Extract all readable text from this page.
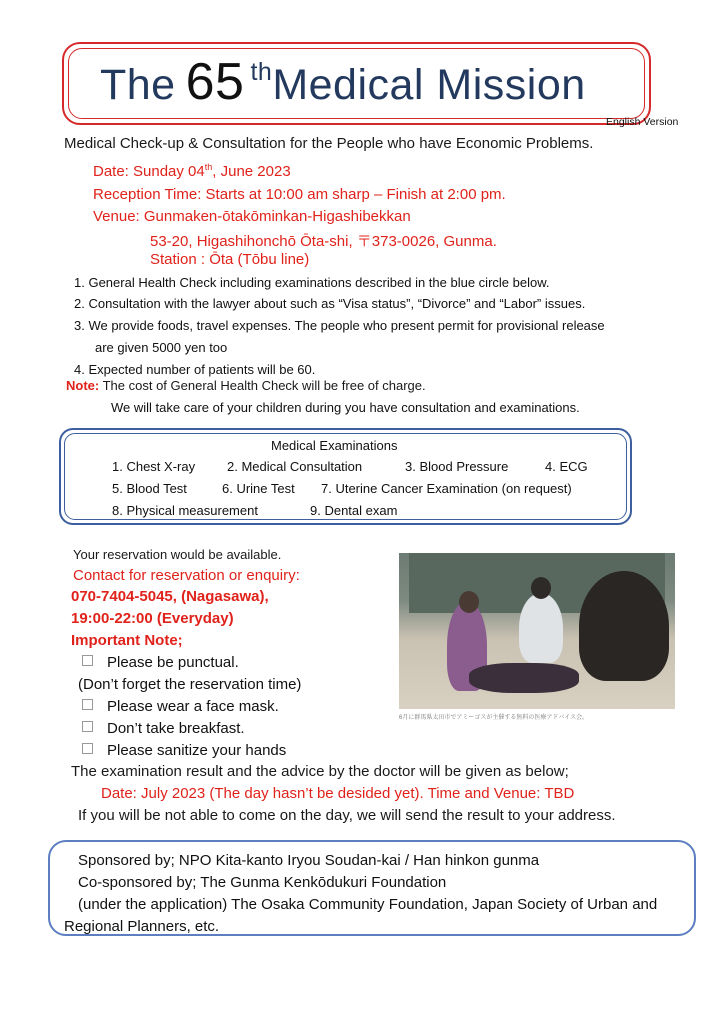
The 65 $^{th}$Medical Mission
English Version
Medical Check-up & Consultation for the People who have Economic Problems.
Date: Sunday 04th, June 2023
Reception Time: Starts at 10:00 am sharp – Finish at 2:00 pm.
Venue: Gunmaken-ōtakōminkan-Higashibekkan
53-20, Higashihonchō Ōta-shi, 〒373-0026, Gunma.
Station : Ōta (Tōbu line)
1. General Health Check including examinations described in the blue circle below.
2. Consultation with the lawyer about such as “Visa status”, “Divorce” and “Labor” issues.
3. We provide foods, travel expenses. The people who present permit for provisional release
are given 5000 yen too
4. Expected number of patients will be 60.
Note: The cost of General Health Check will be free of charge.
We will take care of your children during you have consultation and examinations.
Medical Examinations
1. Chest X-ray 2. Medical Consultation	3. Blood Pressure	4. ECG
5. Blood Test	6. Urine Test 7. Uterine Cancer Examination (on request)
8. Physical measurement	9. Dental exam
Your reservation would be available.
Contact for reservation or enquiry:
070-7404-5045, (Nagasawa),
19:00-22:00 (Everyday)
Important Note;
Please be punctual.
(Don’t forget the reservation time)
Please wear a face mask.
Don’t take breakfast.
Please sanitize your hands
6月に群馬県太田市でアミーゴスが主催する無料の医療アドバイス会。
The examination result and the advice by the doctor will be given as below;
Date: July 2023 (The day hasn’t be desided yet). Time and Venue: TBD
If you will be not able to come on the day, we will send the result to your address.
Sponsored by; NPO Kita-kanto Iryou Soudan-kai / Han hinkon gunma
Co-sponsored by; The Gunma Kenkōdukuri Foundation
(under the application) The Osaka Community Foundation, Japan Society of Urban and
Regional Planners, etc.
